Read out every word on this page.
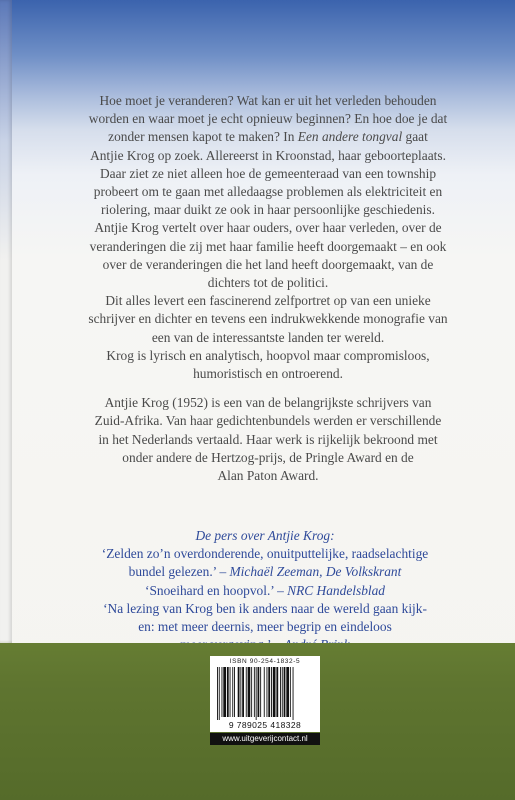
Hoe moet je veranderen? Wat kan er uit het verleden behouden
worden en waar moet je echt opnieuw beginnen? En hoe doe je dat
zonder mensen kapot te maken? In Een andere tongval gaat
Antjie Krog op zoek. Allereerst in Kroonstad, haar geboorteplaats.
Daar ziet ze niet alleen hoe de gemeenteraad van een township
probeert om te gaan met alledaagse problemen als elektriciteit en
riolering, maar duikt ze ook in haar persoonlijke geschiedenis.

Antjie Krog vertelt over haar ouders, over haar verleden, over de
veranderingen die zij met haar familie heeft doorgemaakt – en ook
over de veranderingen die het land heeft doorgemaakt, van de
dichters tot de politici.

Dit alles levert een fascinerend zelfportret op van een unieke
schrijver en dichter en tevens een indrukwekkende monografie van
een van de interessantste landen ter wereld.

Krog is lyrisch en analytisch, hoopvol maar compromisloos,
humoristisch en ontroerend.

Antjie Krog (1952) is een van de belangrijkste schrijvers van
Zuid-Afrika. Van haar gedichtenbundels werden er verschillende
in het Nederlands vertaald. Haar werk is rijkelijk bekroond met
onder andere de Hertzog-prijs, de Pringle Award en de
Alan Paton Award.

De pers over Antjie Krog:

‘Zelden zo’n overdonderende, onuitputtelijke, raadselachtige
bundel gelezen.’ – Michaël Zeeman, De Volkskrant

‘Snoeihard en hoopvol.’ – NRC Handelsblad

‘Na lezing van Krog ben ik anders naar de wereld gaan kijk-
en: met meer deernis, meer begrip en eindeloos

ISBN 90-254-1832-5
9 789025 418328
www.uitgeverijcontact.nl
